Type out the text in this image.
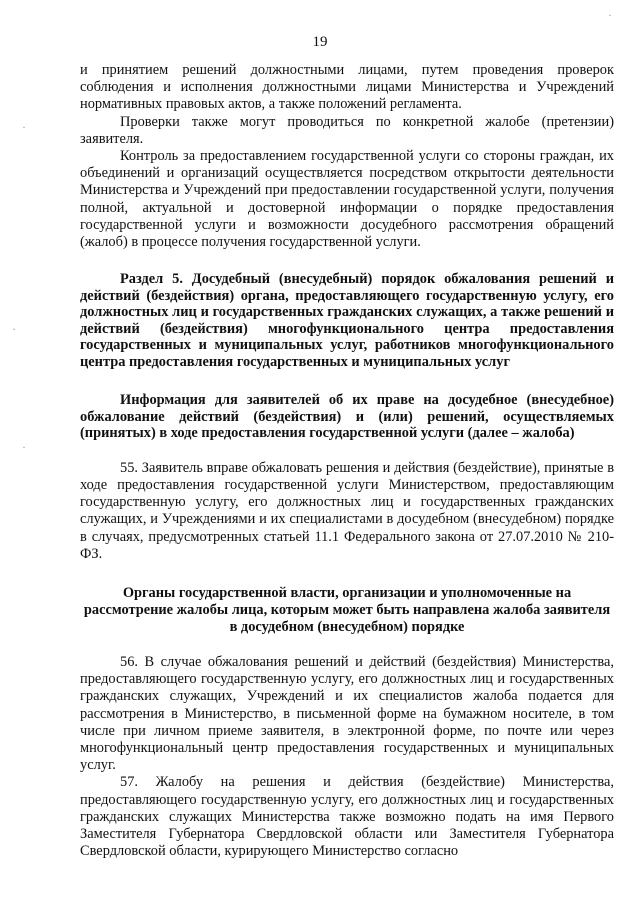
19

и принятием решений должностными лицами, путем проведения проверок соблюдения и исполнения должностными лицами Министерства и Учреждений нормативных правовых актов, а также положений регламента.

Проверки также могут проводиться по конкретной жалобе (претензии) заявителя.

Контроль за предоставлением государственной услуги со стороны граждан, их объединений и организаций осуществляется посредством открытости деятельности Министерства и Учреждений при предоставлении государственной услуги, получения полной, актуальной и достоверной информации о порядке предоставления государственной услуги и возможности досудебного рассмотрения обращений (жалоб) в процессе получения государственной услуги.

Раздел 5. Досудебный (внесудебный) порядок обжалования решений и действий (бездействия) органа, предоставляющего государственную услугу, его должностных лиц и государственных гражданских служащих, а также решений и действий (бездействия) многофункционального центра предоставления государственных и муниципальных услуг, работников многофункционального центра предоставления государственных и муниципальных услуг
Информация для заявителей об их праве на досудебное (внесудебное) обжалование действий (бездействия) и (или) решений, осуществляемых (принятых) в ходе предоставления государственной услуги (далее – жалоба)

55. Заявитель вправе обжаловать решения и действия (бездействие), принятые в ходе предоставления государственной услуги Министерством, предоставляющим государственную услугу, его должностных лиц и государственных гражданских служащих, и Учреждениями и их специалистами в досудебном (внесудебном) порядке в случаях, предусмотренных статьей 11.1 Федерального закона от 27.07.2010 № 210-ФЗ.

Органы государственной власти, организации и уполномоченные на рассмотрение жалобы лица, которым может быть направлена жалоба заявителя в досудебном (внесудебном) порядке

56. В случае обжалования решений и действий (бездействия) Министерства, предоставляющего государственную услугу, его должностных лиц и государственных гражданских служащих, Учреждений и их специалистов жалоба подается для рассмотрения в Министерство, в письменной форме на бумажном носителе, в том числе при личном приеме заявителя, в электронной форме, по почте или через многофункциональный центр предоставления государственных и муниципальных услуг.

57. Жалобу на решения и действия (бездействие) Министерства, предоставляющего государственную услугу, его должностных лиц и государственных гражданских служащих Министерства также возможно подать на имя Первого Заместителя Губернатора Свердловской области или Заместителя Губернатора Свердловской области, курирующего Министерство согласно

·
·
·
·
